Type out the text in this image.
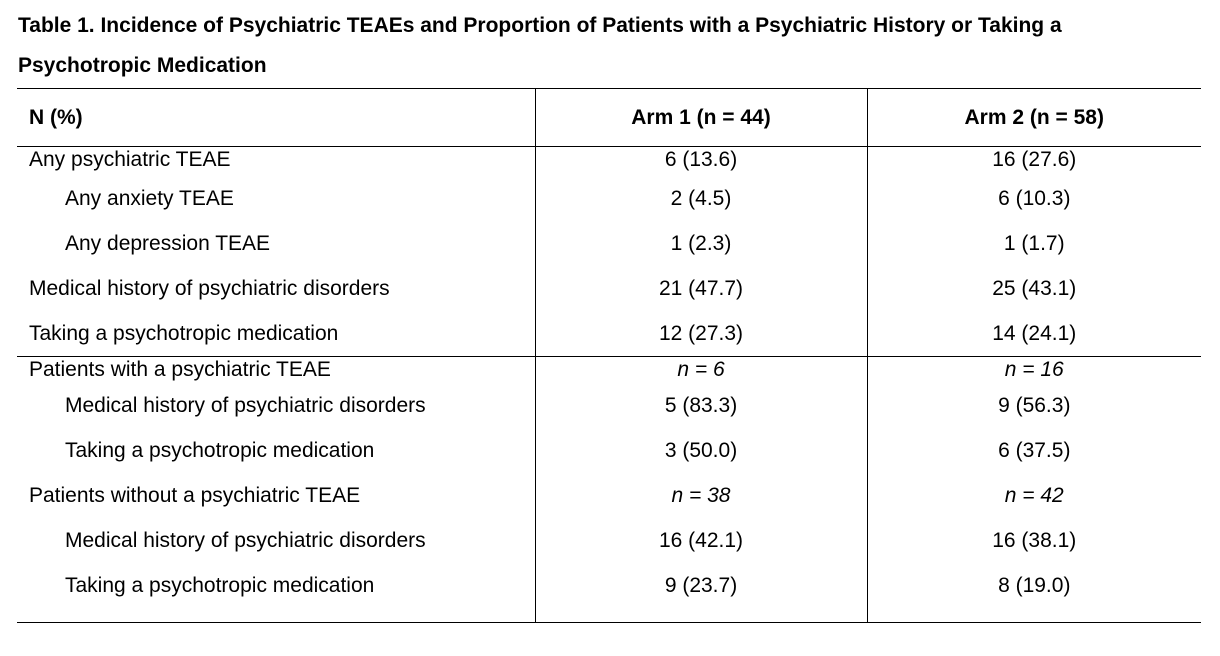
Table 1. Incidence of Psychiatric TEAEs and Proportion of Patients with a Psychiatric History or Taking a
Psychotropic Medication
N (%)	Arm 1 (n = 44)	Arm 2 (n = 58)
Any psychiatric TEAE	6 (13.6)	16 (27.6)
Any anxiety TEAE	2 (4.5)	6 (10.3)
Any depression TEAE	1 (2.3)	1 (1.7)
Medical history of psychiatric disorders	21 (47.7)	25 (43.1)
Taking a psychotropic medication	12 (27.3)	14 (24.1)
Patients with a psychiatric TEAE	n = 6	n = 16
Medical history of psychiatric disorders	5 (83.3)	9 (56.3)
Taking a psychotropic medication	3 (50.0)	6 (37.5)
Patients without a psychiatric TEAE	n = 38	n = 42
Medical history of psychiatric disorders	16 (42.1)	16 (38.1)
Taking a psychotropic medication	9 (23.7)	8 (19.0)
